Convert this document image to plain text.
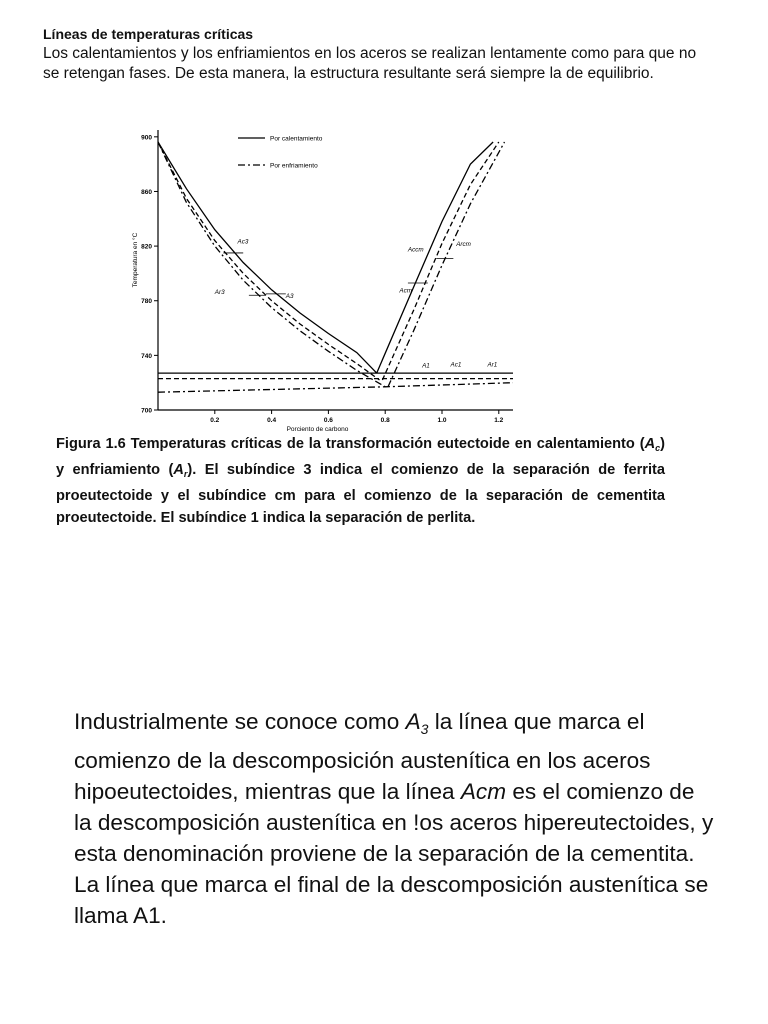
Líneas de temperaturas críticas
Los calentamientos y los enfriamientos en los aceros se realizan lentamente como para que no se retengan fases. De esta manera, la estructura resultante será siempre la de equilibrio.
700
740
780
820
860
900
0.2	0.4	0.6	0.8	1.0	1.2
Porciento de carbono
Temperatura en °C
Por calentamiento
Por enfriamiento
Ac3
Ar3
A3
Accm
Arcm
Acm
A1	Ac1	Ar1
Figura 1.6 Temperaturas críticas de la transformación eutectoide en calentamiento $(A_c)$ y enfriamiento $(A_r)$. El subíndice 3 indica el comienzo de la separación de ferrita proeutectoide y el subíndice cm para el comienzo de la separación de cementita proeutectoide. El subíndice 1 indica la separación de perlita.

Industrialmente se conoce como $A_3$ la línea que marca el comienzo de la descomposición austenítica en los aceros hipoeutectoides, mientras que la línea Acm es el comienzo de la descomposición austenítica en !os aceros hipereutectoides, y esta denominación proviene de la separación de la cementita.

La línea que marca el final de la descomposición austenítica se

llama A1.
